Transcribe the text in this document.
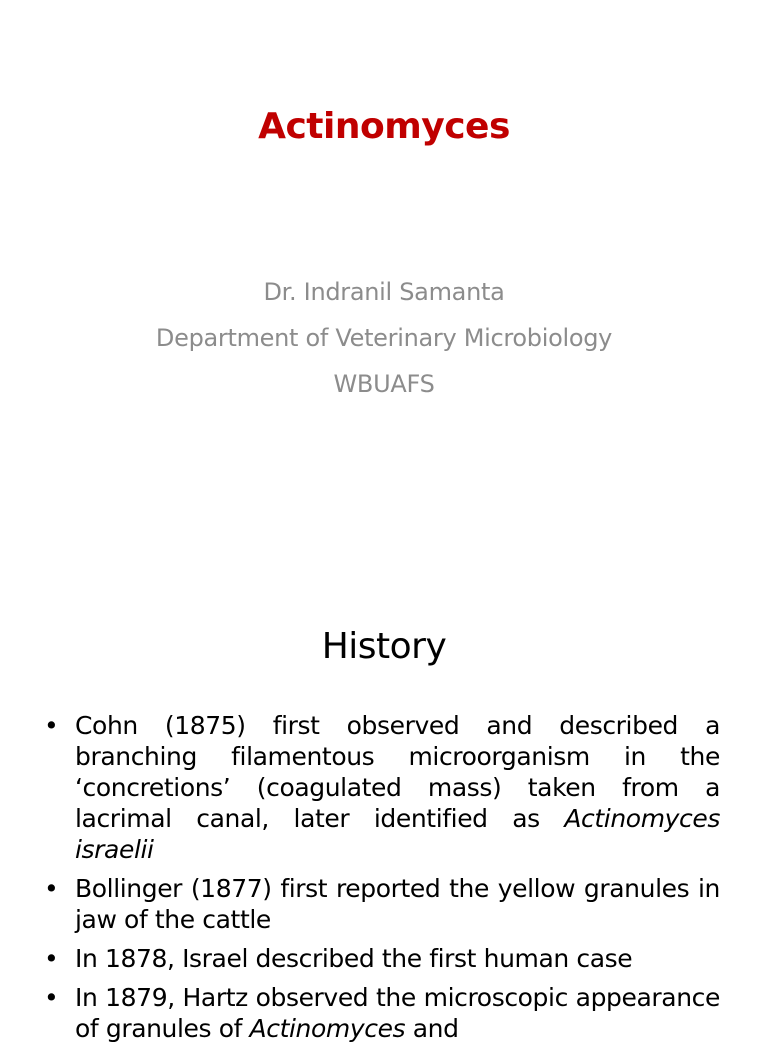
Actinomyces
Dr. Indranil Samanta
Department of Veterinary Microbiology
WBUAFS
History
• Cohn (1875) first observed and described a branching filamentous microorganism in the ‘concretions’ (coagulated mass) taken from a lacrimal canal, later identified as Actinomyces israelii
• Bollinger (1877) first reported the yellow granules in jaw of the cattle
• In 1878, Israel described the first human case
• In 1879, Hartz observed the microscopic appearance of granules of Actinomyces and
